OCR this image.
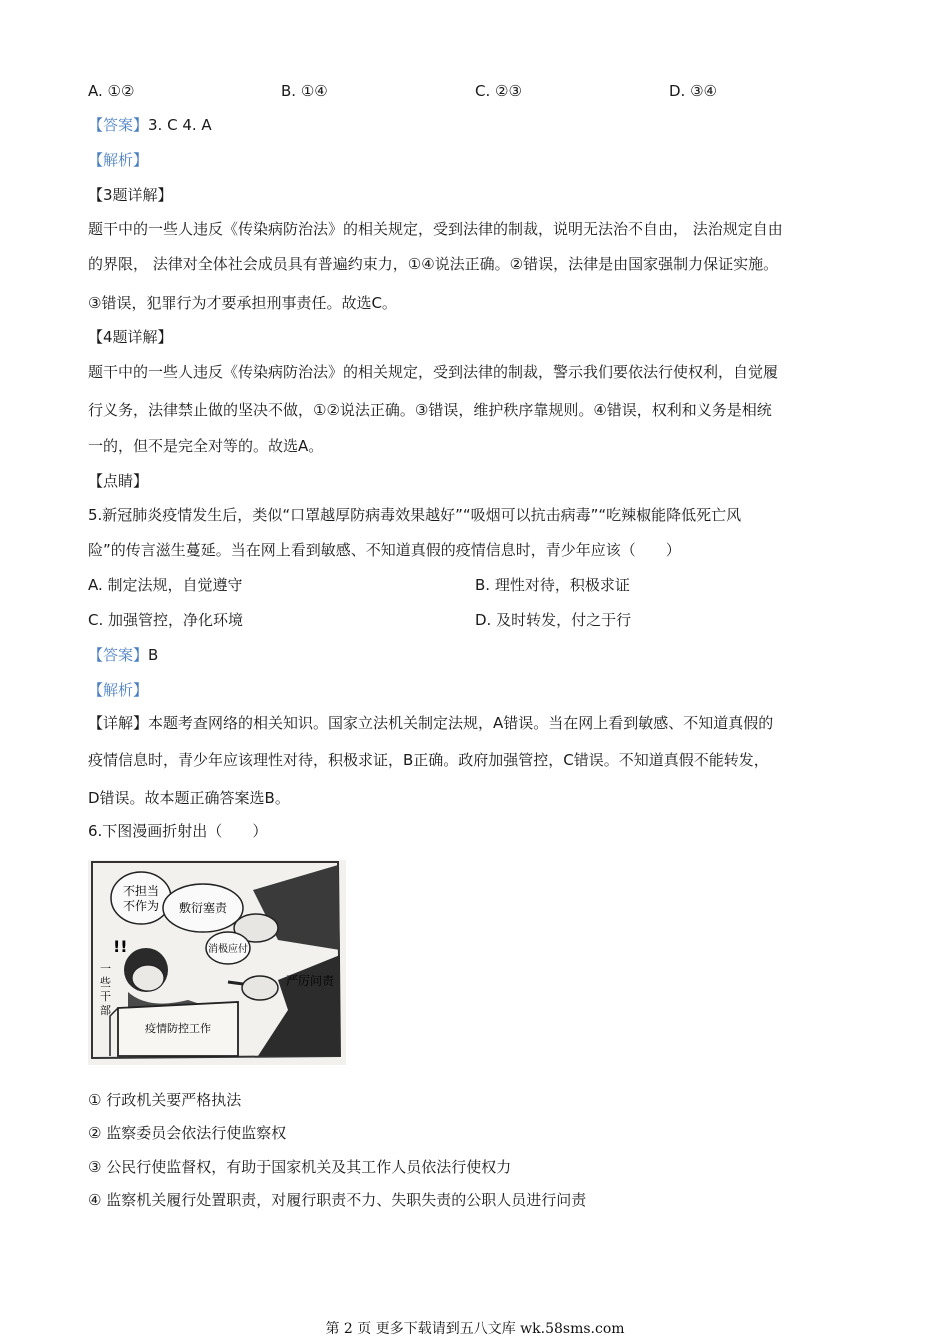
A. ①②	B. ①④	C. ②③	D. ③④
【答案】3. C 4. A
【解析】
【3题详解】
题干中的一些人违反《传染病防治法》的相关规定，受到法律的制裁，说明无法治不自由， 法治规定自由
的界限， 法律对全体社会成员具有普遍约束力，①④说法正确。②错误，法律是由国家强制力保证实施。
③错误，犯罪行为才要承担刑事责任。故选C。
【4题详解】
题干中的一些人违反《传染病防治法》的相关规定，受到法律的制裁，警示我们要依法行使权利，自觉履
行义务，法律禁止做的坚决不做，①②说法正确。③错误，维护秩序靠规则。④错误，权利和义务是相统
一的，但不是完全对等的。故选A。
【点睛】
5.新冠肺炎疫情发生后，类似“口罩越厚防病毒效果越好”“吸烟可以抗击病毒”“吃辣椒能降低死亡风
险”的传言滋生蔓延。当在网上看到敏感、不知道真假的疫情信息时，青少年应该（　　）
A. 制定法规，自觉遵守	B. 理性对待，积极求证
C. 加强管控，净化环境	D. 及时转发，付之于行
【答案】B
【解析】
【详解】本题考查网络的相关知识。国家立法机关制定法规，A错误。当在网上看到敏感、不知道真假的
疫情信息时，青少年应该理性对待，积极求证，B正确。政府加强管控，C错误。不知道真假不能转发，
D错误。故本题正确答案选B。
6.下图漫画折射出（　　）
不担当
不作为 敷衍塞责
消极应付
严厉问责
!!
一
些
干
部
疫情防控工作
① 行政机关要严格执法
② 监察委员会依法行使监察权
③ 公民行使监督权，有助于国家机关及其工作人员依法行使权力
④ 监察机关履行处置职责，对履行职责不力、失职失责的公职人员进行问责
第 2 页 更多下载请到五八文库 wk.58sms.com
